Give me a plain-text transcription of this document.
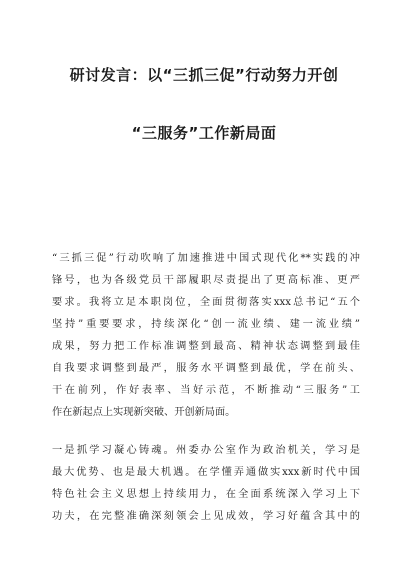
研讨发言：以“三抓三促”行动努力开创
“三服务”工作新局面
“三抓三促”行动吹响了加速推进中国式现代化**实践的冲
锋号，也为各级党员干部履职尽责提出了更高标准、更严
要求。我将立足本职岗位，全面贯彻落实xxx总书记“五个
坚持”重要要求，持续深化“创一流业绩、建一流业绩”
成果，努力把工作标准调整到最高、精神状态调整到最佳
自我要求调整到最严，服务水平调整到最优，学在前头、
干在前列，作好表率、当好示范，不断推动“三服务”工
作在新起点上实现新突破、开创新局面。
一是抓学习凝心铸魂。州委办公室作为政治机关，学习是
最大优势、也是最大机遇。在学懂弄通做实xxx新时代中国
特色社会主义思想上持续用力，在全面系统深入学习上下
功夫，在完整准确深刻领会上见成效，学习好蕴含其中的
